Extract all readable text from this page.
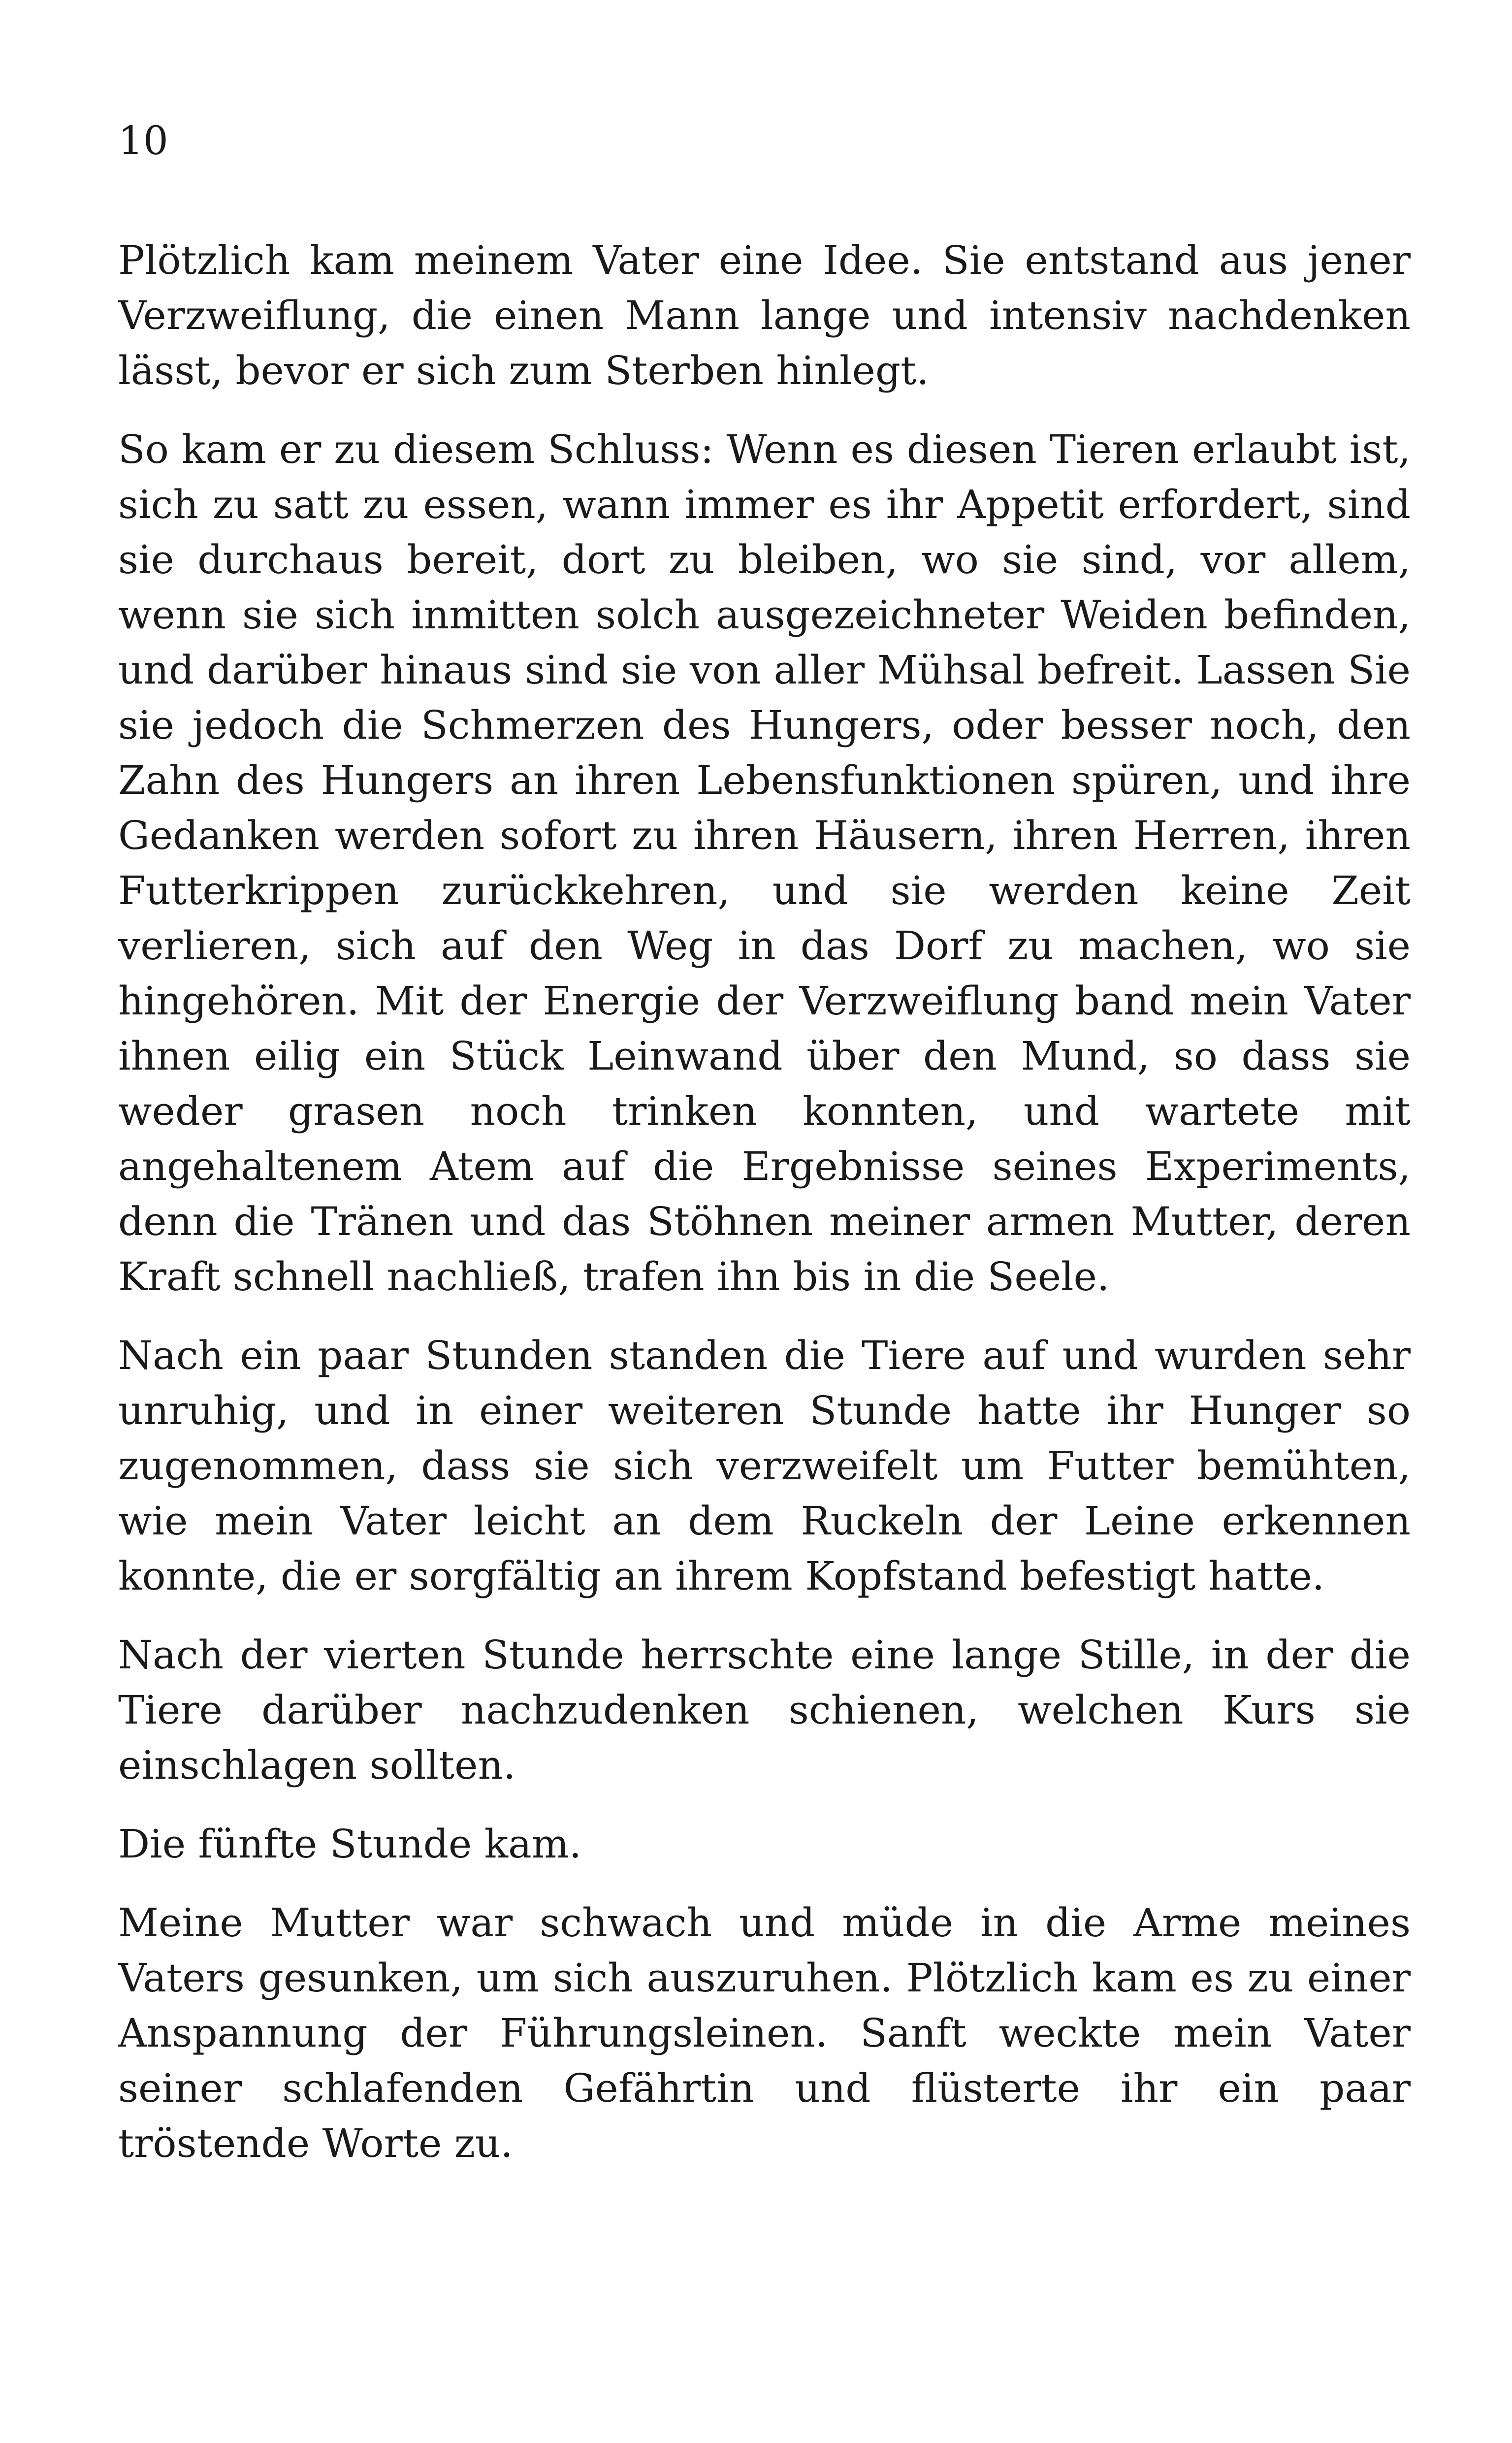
10

Plötzlich kam meinem Vater eine Idee. Sie entstand aus jener Verzweiflung, die einen Mann lange und intensiv nachdenken lässt, bevor er sich zum Sterben hinlegt.

So kam er zu diesem Schluss: Wenn es diesen Tieren erlaubt ist, sich zu satt zu essen, wann immer es ihr Appetit erfordert, sind sie durchaus bereit, dort zu bleiben, wo sie sind, vor allem, wenn sie sich inmitten solch ausgezeichneter Weiden befinden, und darüber hinaus sind sie von aller Mühsal befreit. Lassen Sie sie jedoch die Schmerzen des Hungers, oder besser noch, den Zahn des Hungers an ihren Lebensfunktionen spüren, und ihre Gedanken werden sofort zu ihren Häusern, ihren Herren, ihren Futterkrippen zurückkehren, und sie werden keine Zeit verlieren, sich auf den Weg in das Dorf zu machen, wo sie hingehören. Mit der Energie der Verzweiflung band mein Vater ihnen eilig ein Stück Leinwand über den Mund, so dass sie weder grasen noch trinken konnten, und wartete mit angehaltenem Atem auf die Ergebnisse seines Experiments, denn die Tränen und das Stöhnen meiner armen Mutter, deren Kraft schnell nachließ, trafen ihn bis in die Seele.

Nach ein paar Stunden standen die Tiere auf und wurden sehr unruhig, und in einer weiteren Stunde hatte ihr Hunger so zugenommen, dass sie sich verzweifelt um Futter bemühten, wie mein Vater leicht an dem Ruckeln der Leine erkennen konnte, die er sorgfältig an ihrem Kopfstand befestigt hatte.

Nach der vierten Stunde herrschte eine lange Stille, in der die Tiere darüber nachzudenken schienen, welchen Kurs sie einschlagen sollten.

Die fünfte Stunde kam.

Meine Mutter war schwach und müde in die Arme meines Vaters gesunken, um sich auszuruhen. Plötzlich kam es zu einer Anspannung der Führungsleinen. Sanft weckte mein Vater seiner schlafenden Gefährtin und flüsterte ihr ein paar tröstende Worte zu.
